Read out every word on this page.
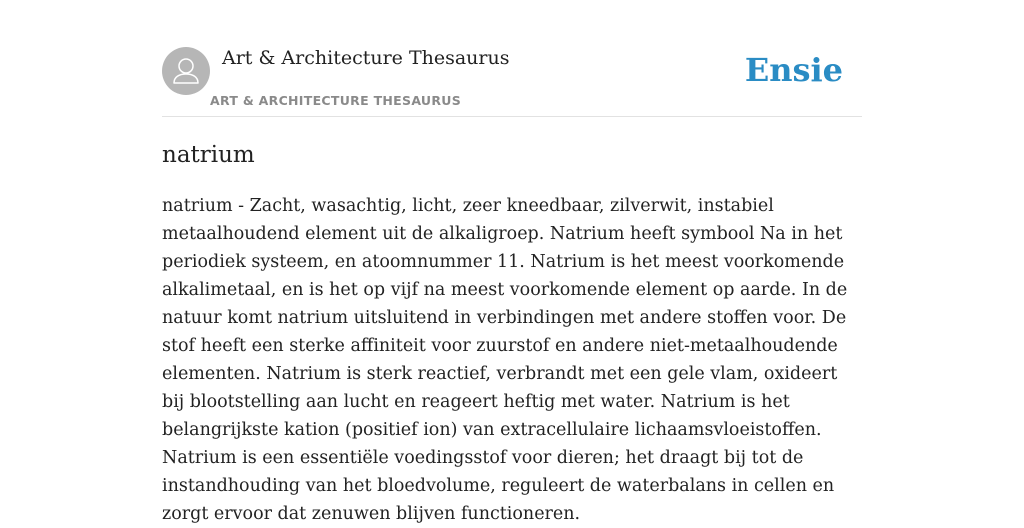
Art & Architecture Thesaurus
ART & ARCHITECTURE THESAURUS
Ensie
natrium

natrium - Zacht, wasachtig, licht, zeer kneedbaar, zilverwit, instabiel metaalhoudend element uit de alkaligroep. Natrium heeft symbool Na in het periodiek systeem, en atoomnummer 11. Natrium is het meest voorkomende alkalimetaal, en is het op vijf na meest voorkomende element op aarde. In de natuur komt natrium uitsluitend in verbindingen met andere stoffen voor. De stof heeft een sterke affiniteit voor zuurstof en andere niet-metaalhoudende elementen. Natrium is sterk reactief, verbrandt met een gele vlam, oxideert bij blootstelling aan lucht en reageert heftig met water. Natrium is het belangrijkste kation (positief ion) van extracellulaire lichaamsvloeistoffen. Natrium is een essentiële voedingsstof voor dieren; het draagt bij tot de instandhouding van het bloedvolume, reguleert de waterbalans in cellen en zorgt ervoor dat zenuwen blijven functioneren.
